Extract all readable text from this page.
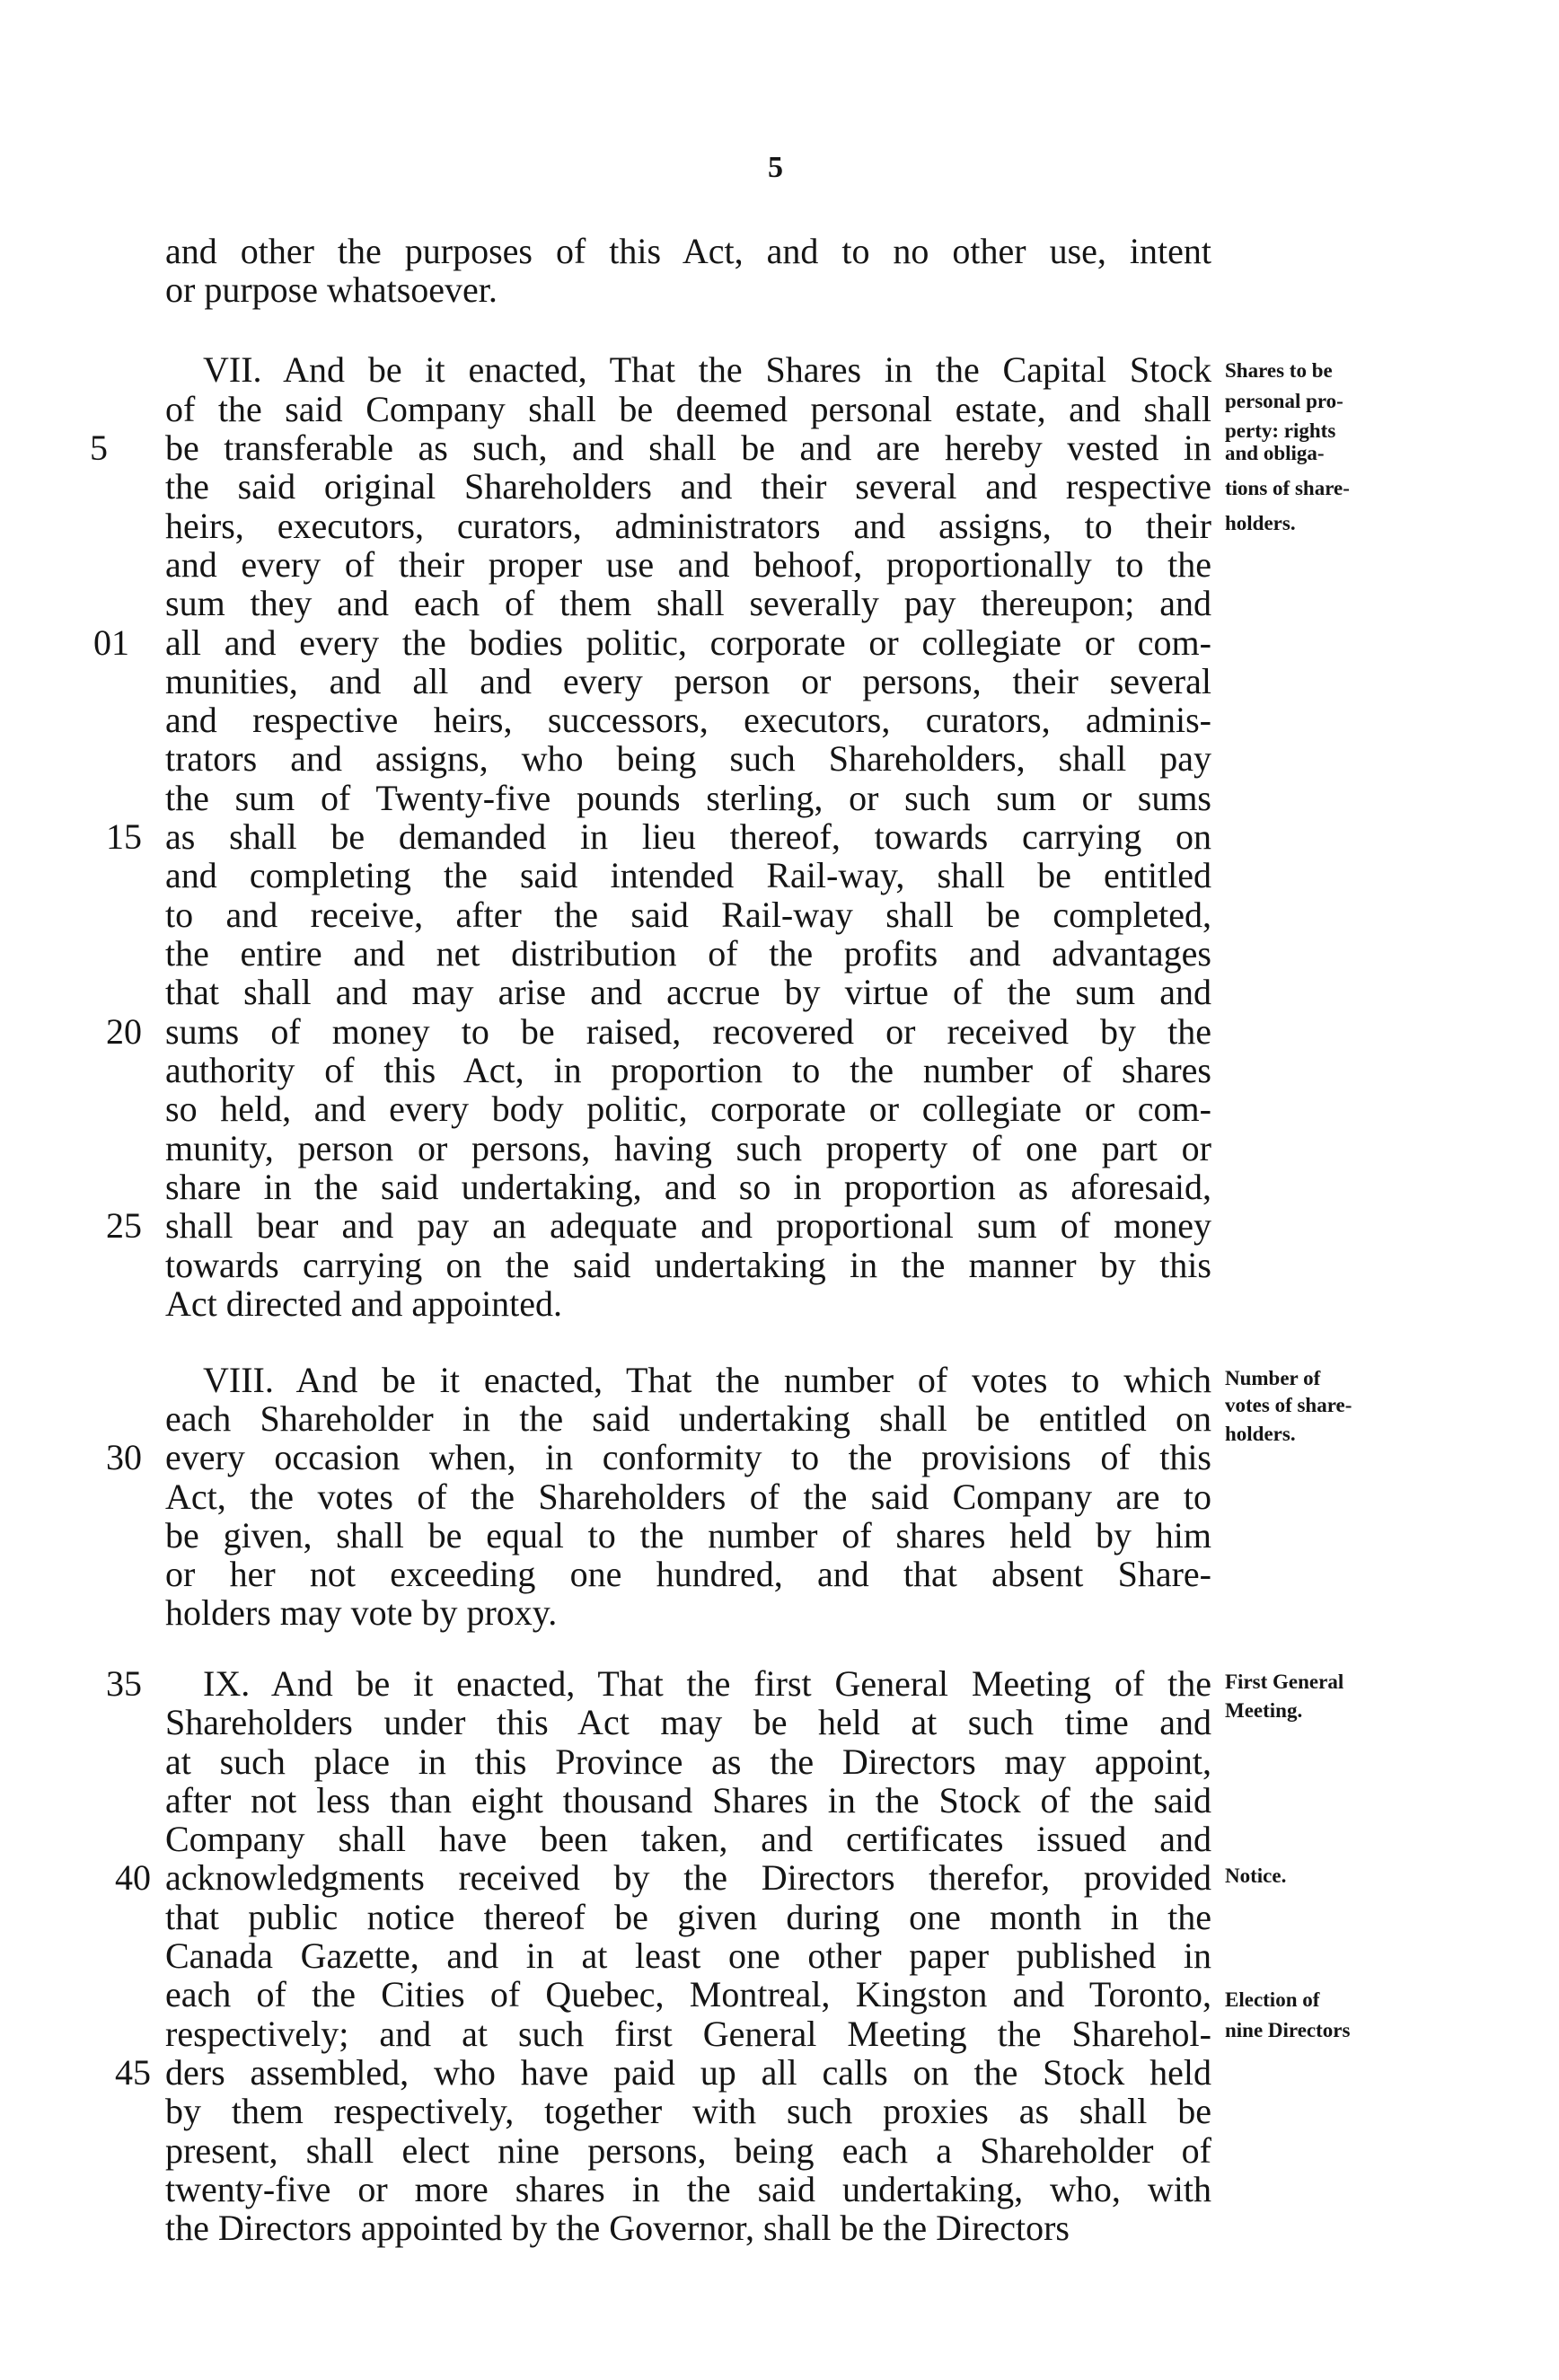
5
and other the purposes of this Act, and to no other use, intent
or purpose whatsoever.
VII. And be it enacted, That the Shares in the Capital Stock
of the said Company shall be deemed personal estate, and shall
be transferable as such, and shall be and are hereby vested in
the said original Shareholders and their several and respective
heirs, executors, curators, administrators and assigns, to their
and every of their proper use and behoof, proportionally to the
sum they and each of them shall severally pay thereupon; and
all and every the bodies politic, corporate or collegiate or com-
munities, and all and every person or persons, their several
and respective heirs, successors, executors, curators, adminis-
trators and assigns, who being such Shareholders, shall pay
the sum of Twenty-five pounds sterling, or such sum or sums
as shall be demanded in lieu thereof, towards carrying on
and completing the said intended Rail-way, shall be entitled
to and receive, after the said Rail-way shall be completed,
the entire and net distribution of the profits and advantages
that shall and may arise and accrue by virtue of the sum and
sums of money to be raised, recovered or received by the
authority of this Act, in proportion to the number of shares
so held, and every body politic, corporate or collegiate or com-
munity, person or persons, having such property of one part or
share in the said undertaking, and so in proportion as aforesaid,
shall bear and pay an adequate and proportional sum of money
towards carrying on the said undertaking in the manner by this
Act directed and appointed.
VIII. And be it enacted, That the number of votes to which
each Shareholder in the said undertaking shall be entitled on
every occasion when, in conformity to the provisions of this
Act, the votes of the Shareholders of the said Company are to
be given, shall be equal to the number of shares held by him
or her not exceeding one hundred, and that absent Share-
holders may vote by proxy.
IX. And be it enacted, That the first General Meeting of the
Shareholders under this Act may be held at such time and
at such place in this Province as the Directors may appoint,
after not less than eight thousand Shares in the Stock of the said
Company shall have been taken, and certificates issued and
acknowledgments received by the Directors therefor, provided
that public notice thereof be given during one month in the
Canada Gazette, and in at least one other paper published in
each of the Cities of Quebec, Montreal, Kingston and Toronto,
respectively; and at such first General Meeting the Sharehol-
ders assembled, who have paid up all calls on the Stock held
by them respectively, together with such proxies as shall be
present, shall elect nine persons, being each a Shareholder of
twenty-five or more shares in the said undertaking, who, with
the Directors appointed by the Governor, shall be the Directors
5
01
15
20
25
30
35
40
45
Shares to be
personal pro-
perty: rights
and obliga-
tions of share-
holders.
Number of
votes of share-
holders.
First General
Meeting.
Notice.
Election of
nine Directors
